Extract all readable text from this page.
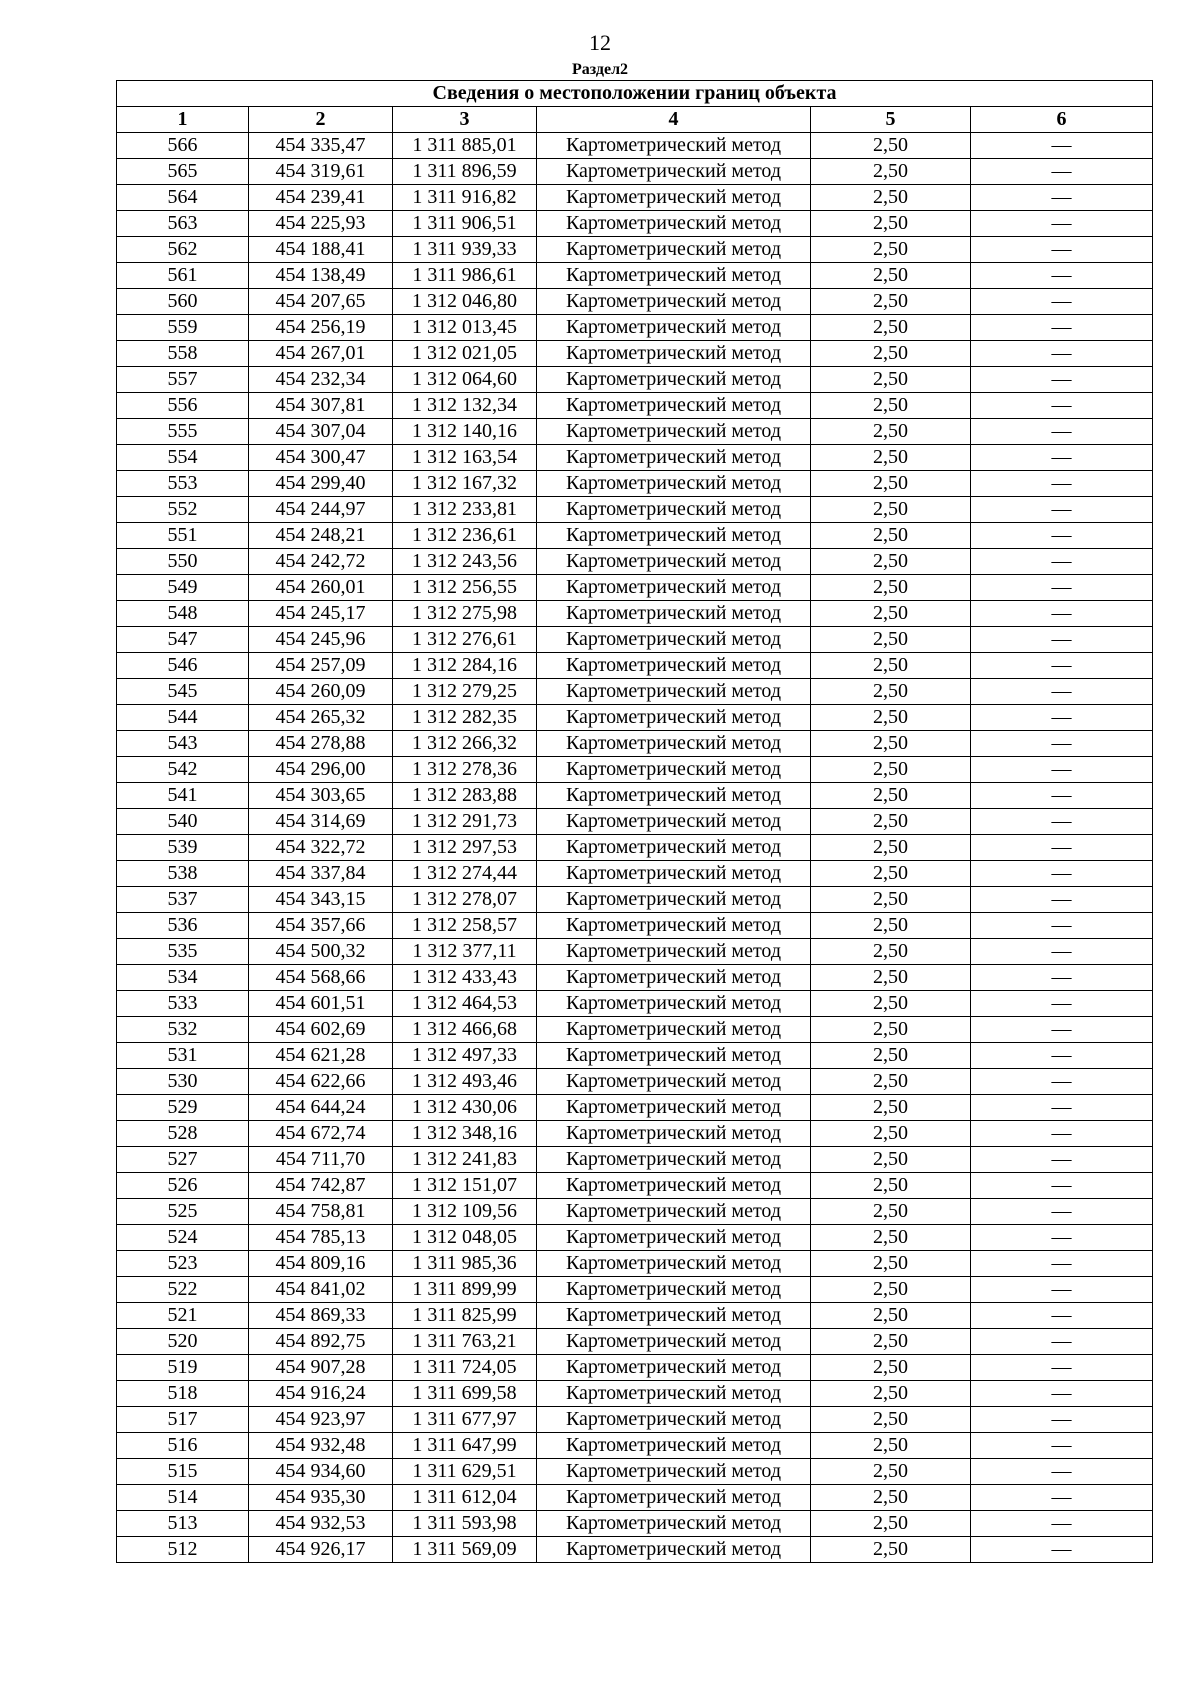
12
Раздел2
Сведения о местоположении границ объекта					
1	2	3	4	5	6
566	454 335,47	1 311 885,01	Картометрический метод	2,50	—
565	454 319,61	1 311 896,59	Картометрический метод	2,50	—
564	454 239,41	1 311 916,82	Картометрический метод	2,50	—
563	454 225,93	1 311 906,51	Картометрический метод	2,50	—
562	454 188,41	1 311 939,33	Картометрический метод	2,50	—
561	454 138,49	1 311 986,61	Картометрический метод	2,50	—
560	454 207,65	1 312 046,80	Картометрический метод	2,50	—
559	454 256,19	1 312 013,45	Картометрический метод	2,50	—
558	454 267,01	1 312 021,05	Картометрический метод	2,50	—
557	454 232,34	1 312 064,60	Картометрический метод	2,50	—
556	454 307,81	1 312 132,34	Картометрический метод	2,50	—
555	454 307,04	1 312 140,16	Картометрический метод	2,50	—
554	454 300,47	1 312 163,54	Картометрический метод	2,50	—
553	454 299,40	1 312 167,32	Картометрический метод	2,50	—
552	454 244,97	1 312 233,81	Картометрический метод	2,50	—
551	454 248,21	1 312 236,61	Картометрический метод	2,50	—
550	454 242,72	1 312 243,56	Картометрический метод	2,50	—
549	454 260,01	1 312 256,55	Картометрический метод	2,50	—
548	454 245,17	1 312 275,98	Картометрический метод	2,50	—
547	454 245,96	1 312 276,61	Картометрический метод	2,50	—
546	454 257,09	1 312 284,16	Картометрический метод	2,50	—
545	454 260,09	1 312 279,25	Картометрический метод	2,50	—
544	454 265,32	1 312 282,35	Картометрический метод	2,50	—
543	454 278,88	1 312 266,32	Картометрический метод	2,50	—
542	454 296,00	1 312 278,36	Картометрический метод	2,50	—
541	454 303,65	1 312 283,88	Картометрический метод	2,50	—
540	454 314,69	1 312 291,73	Картометрический метод	2,50	—
539	454 322,72	1 312 297,53	Картометрический метод	2,50	—
538	454 337,84	1 312 274,44	Картометрический метод	2,50	—
537	454 343,15	1 312 278,07	Картометрический метод	2,50	—
536	454 357,66	1 312 258,57	Картометрический метод	2,50	—
535	454 500,32	1 312 377,11	Картометрический метод	2,50	—
534	454 568,66	1 312 433,43	Картометрический метод	2,50	—
533	454 601,51	1 312 464,53	Картометрический метод	2,50	—
532	454 602,69	1 312 466,68	Картометрический метод	2,50	—
531	454 621,28	1 312 497,33	Картометрический метод	2,50	—
530	454 622,66	1 312 493,46	Картометрический метод	2,50	—
529	454 644,24	1 312 430,06	Картометрический метод	2,50	—
528	454 672,74	1 312 348,16	Картометрический метод	2,50	—
527	454 711,70	1 312 241,83	Картометрический метод	2,50	—
526	454 742,87	1 312 151,07	Картометрический метод	2,50	—
525	454 758,81	1 312 109,56	Картометрический метод	2,50	—
524	454 785,13	1 312 048,05	Картометрический метод	2,50	—
523	454 809,16	1 311 985,36	Картометрический метод	2,50	—
522	454 841,02	1 311 899,99	Картометрический метод	2,50	—
521	454 869,33	1 311 825,99	Картометрический метод	2,50	—
520	454 892,75	1 311 763,21	Картометрический метод	2,50	—
519	454 907,28	1 311 724,05	Картометрический метод	2,50	—
518	454 916,24	1 311 699,58	Картометрический метод	2,50	—
517	454 923,97	1 311 677,97	Картометрический метод	2,50	—
516	454 932,48	1 311 647,99	Картометрический метод	2,50	—
515	454 934,60	1 311 629,51	Картометрический метод	2,50	—
514	454 935,30	1 311 612,04	Картометрический метод	2,50	—
513	454 932,53	1 311 593,98	Картометрический метод	2,50	—
512	454 926,17	1 311 569,09	Картометрический метод	2,50	—
